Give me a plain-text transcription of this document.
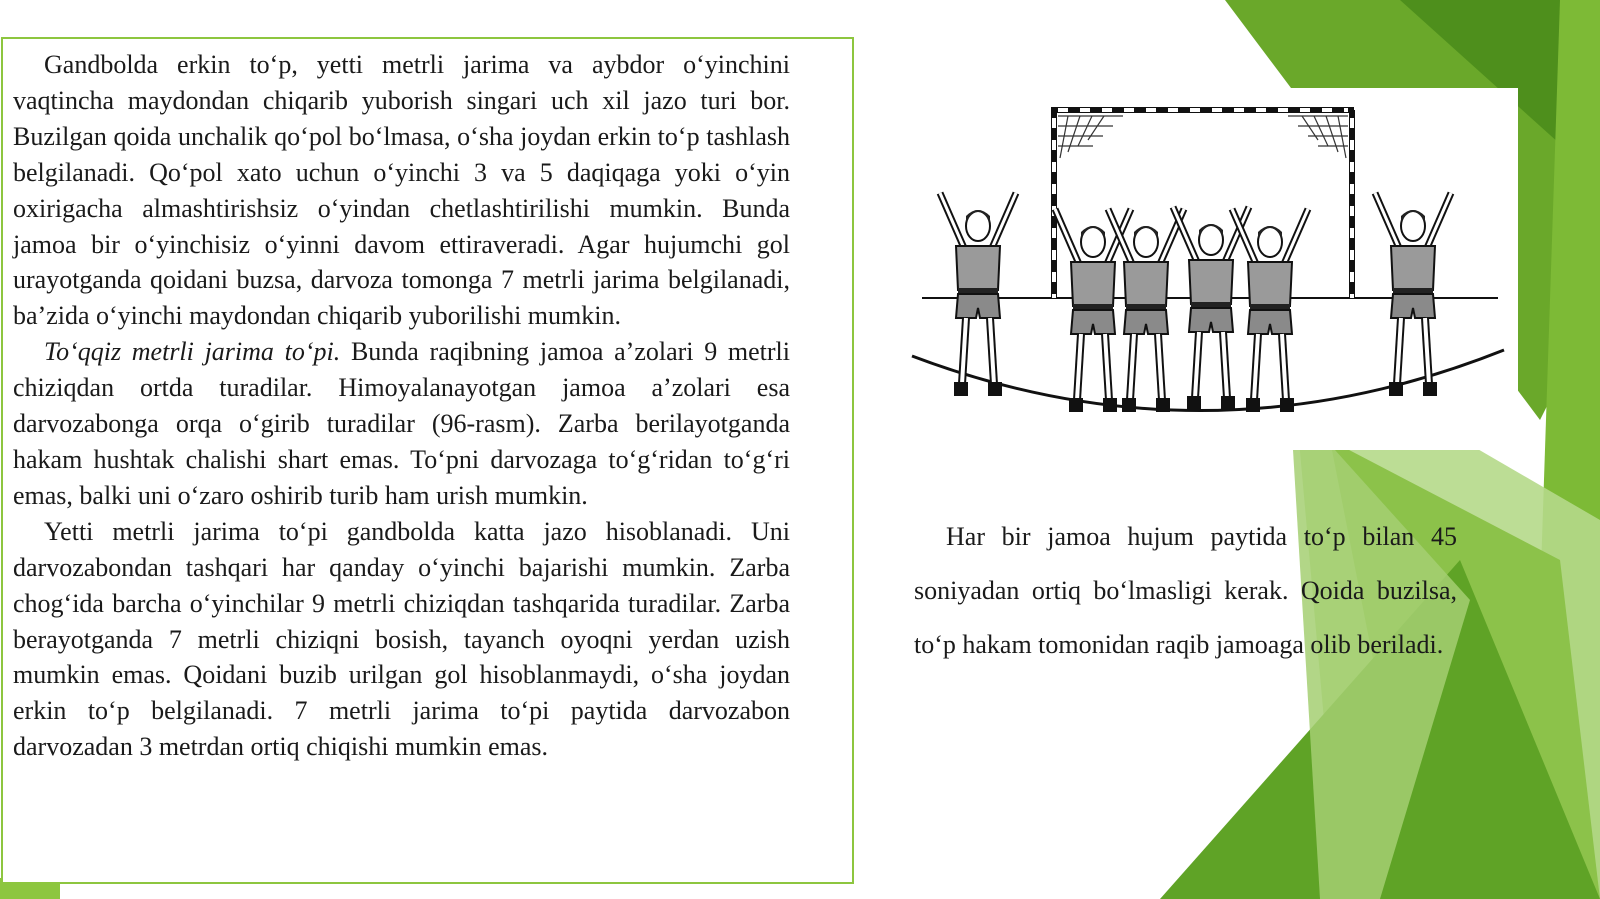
Gandbolda erkin to‘p, yetti metrli jarima va aybdor o‘yinchini vaqtincha maydondan chiqarib yuborish singari uch xil jazo turi bor. Buzilgan qoida unchalik qo‘pol bo‘lmasa, o‘sha joydan erkin to‘p tashlash belgilanadi. Qo‘pol xato uchun o‘yinchi 3 va 5 daqiqaga yoki o‘yin oxirigacha almashtirishsiz o‘yindan chetlashtirilishi mumkin. Bunda jamoa bir o‘yinchisiz o‘yinni davom ettiraveradi. Agar hujumchi gol urayotganda qoidani buzsa, darvoza tomonga 7 metrli jarima belgilanadi, ba’zida o‘yinchi maydondan chiqarib yuborilishi mumkin.

To‘qqiz metrli jarima to‘pi. Bunda raqibning jamoa a’zolari 9 metrli chiziqdan ortda turadilar. Himoyalanayotgan jamoa a’zolari esa darvozabonga orqa o‘girib turadilar (96-rasm). Zarba berilayotganda hakam hushtak chalishi shart emas. To‘pni darvozaga to‘g‘ridan to‘g‘ri emas, balki uni o‘zaro oshirib turib ham urish mumkin.

Yetti metrli jarima to‘pi gandbolda katta jazo hisoblanadi. Uni darvozabondan tashqari har qanday o‘yinchi bajarishi mumkin. Zarba chog‘ida barcha o‘yinchilar 9 metrli chiziqdan tashqarida turadilar. Zarba berayotganda 7 metrli chiziqni bosish, tayanch oyoqni yerdan uzish mumkin emas. Qoidani buzib urilgan gol hisoblanmaydi, o‘sha joydan erkin to‘p belgilanadi. 7 metrli jarima to‘pi paytida darvozabon darvozadan 3 metrdan ortiq chiqishi mumkin emas.

Har bir jamoa hujum paytida to‘p bilan 45 soniyadan ortiq bo‘lmasligi kerak. Qoida buzilsa, to‘p hakam tomonidan raqib jamoaga olib beriladi.
